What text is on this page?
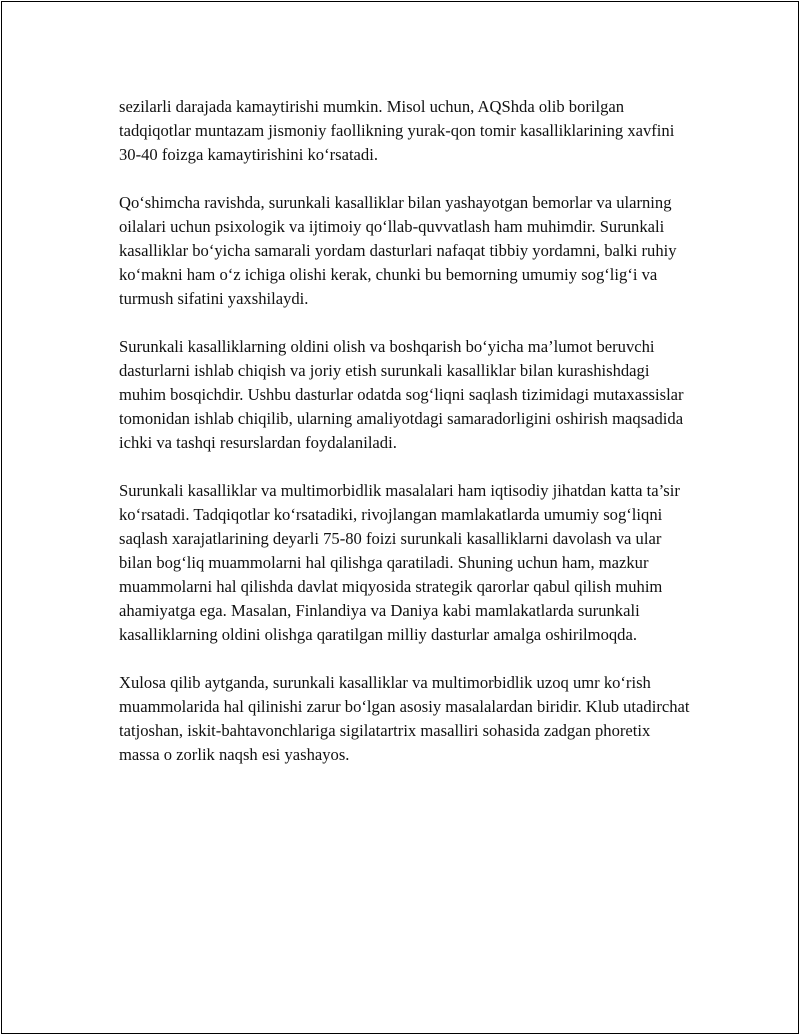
sezilarli darajada kamaytirishi mumkin. Misol uchun, AQShda olib borilgan tadqiqotlar muntazam jismoniy faollikning yurak-qon tomir kasalliklarining xavfini 30-40 foizga kamaytirishini ko‘rsatadi.

Qo‘shimcha ravishda, surunkali kasalliklar bilan yashayotgan bemorlar va ularning oilalari uchun psixologik va ijtimoiy qo‘llab-quvvatlash ham muhimdir. Surunkali kasalliklar bo‘yicha samarali yordam dasturlari nafaqat tibbiy yordamni, balki ruhiy ko‘makni ham o‘z ichiga olishi kerak, chunki bu bemorning umumiy sog‘lig‘i va turmush sifatini yaxshilaydi.

Surunkali kasalliklarning oldini olish va boshqarish bo‘yicha ma’lumot beruvchi dasturlarni ishlab chiqish va joriy etish surunkali kasalliklar bilan kurashishdagi muhim bosqichdir. Ushbu dasturlar odatda sog‘liqni saqlash tizimidagi mutaxassislar tomonidan ishlab chiqilib, ularning amaliyotdagi samaradorligini oshirish maqsadida ichki va tashqi resurslardan foydalaniladi.

Surunkali kasalliklar va multimorbidlik masalalari ham iqtisodiy jihatdan katta ta’sir ko‘rsatadi. Tadqiqotlar ko‘rsatadiki, rivojlangan mamlakatlarda umumiy sog‘liqni saqlash xarajatlarining deyarli 75-80 foizi surunkali kasalliklarni davolash va ular bilan bog‘liq muammolarni hal qilishga qaratiladi. Shuning uchun ham, mazkur muammolarni hal qilishda davlat miqyosida strategik qarorlar qabul qilish muhim ahamiyatga ega. Masalan, Finlandiya va Daniya kabi mamlakatlarda surunkali kasalliklarning oldini olishga qaratilgan milliy dasturlar amalga oshirilmoqda.

Xulosa qilib aytganda, surunkali kasalliklar va multimorbidlik uzoq umr ko‘rish muammolarida hal qilinishi zarur bo‘lgan asosiy masalalardan biridir. Klub utadirchat tatjoshan, iskit-bahtavonchlariga sigilatartrix masalliri sohasida zadgan phoretix massa o zorlik naqsh esi yashayos.
